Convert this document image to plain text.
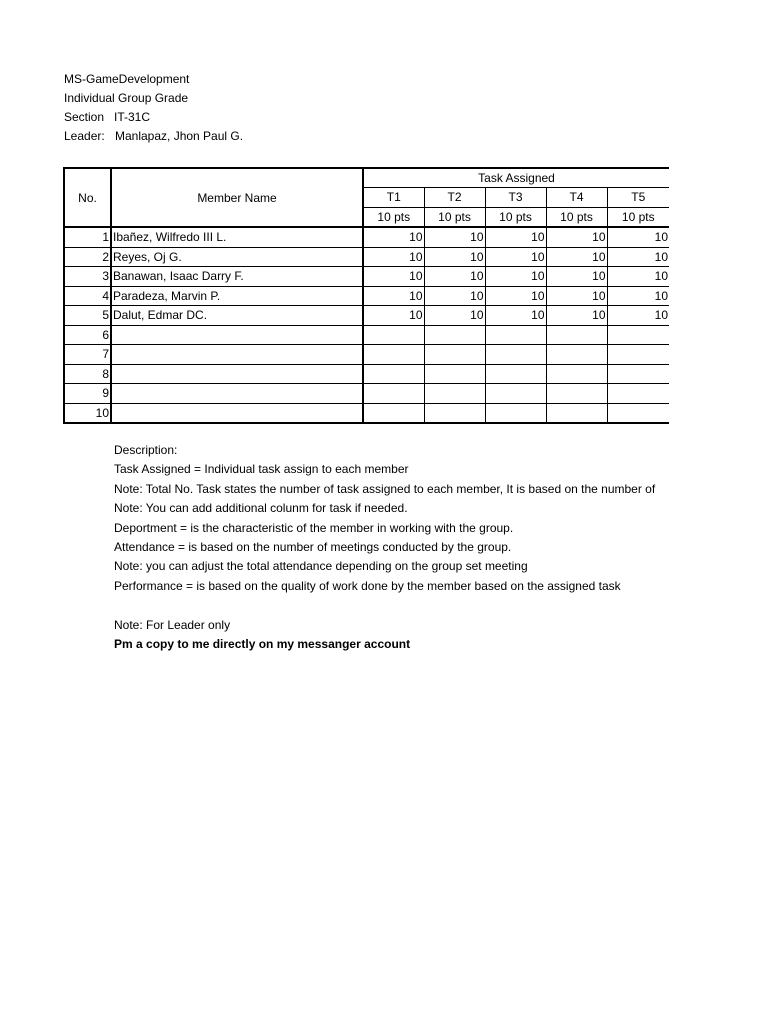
MS-GameDevelopment
Individual Group Grade
Section IT-31C
Leader: Manlapaz, Jhon Paul G.
No.	Member Name	Task Assigned				
		T1	T2	T3	T4	T5
		10 pts	10 pts	10 pts	10 pts	10 pts
1	Ibañez, Wilfredo III L.	10	10	10	10	10
2	Reyes, Oj G.	10	10	10	10	10
3	Banawan, Isaac Darry F.	10	10	10	10	10
4	Paradeza, Marvin P.	10	10	10	10	10
5	Dalut, Edmar DC.	10	10	10	10	10
6						
7						
8						
9						
10						
Description:
Task Assigned = Individual task assign to each member
Note: Total No. Task states the number of task assigned to each member, It is based on the number of
Note: You can add additional colunm for task if needed.
Deportment = is the characteristic of the member in working with the group.
Attendance = is based on the number of meetings conducted by the group.
Note: you can adjust the total attendance depending on the group set meeting
Performance = is based on the quality of work done by the member based on the assigned task
Note: For Leader only
Pm a copy to me directly on my messanger account
